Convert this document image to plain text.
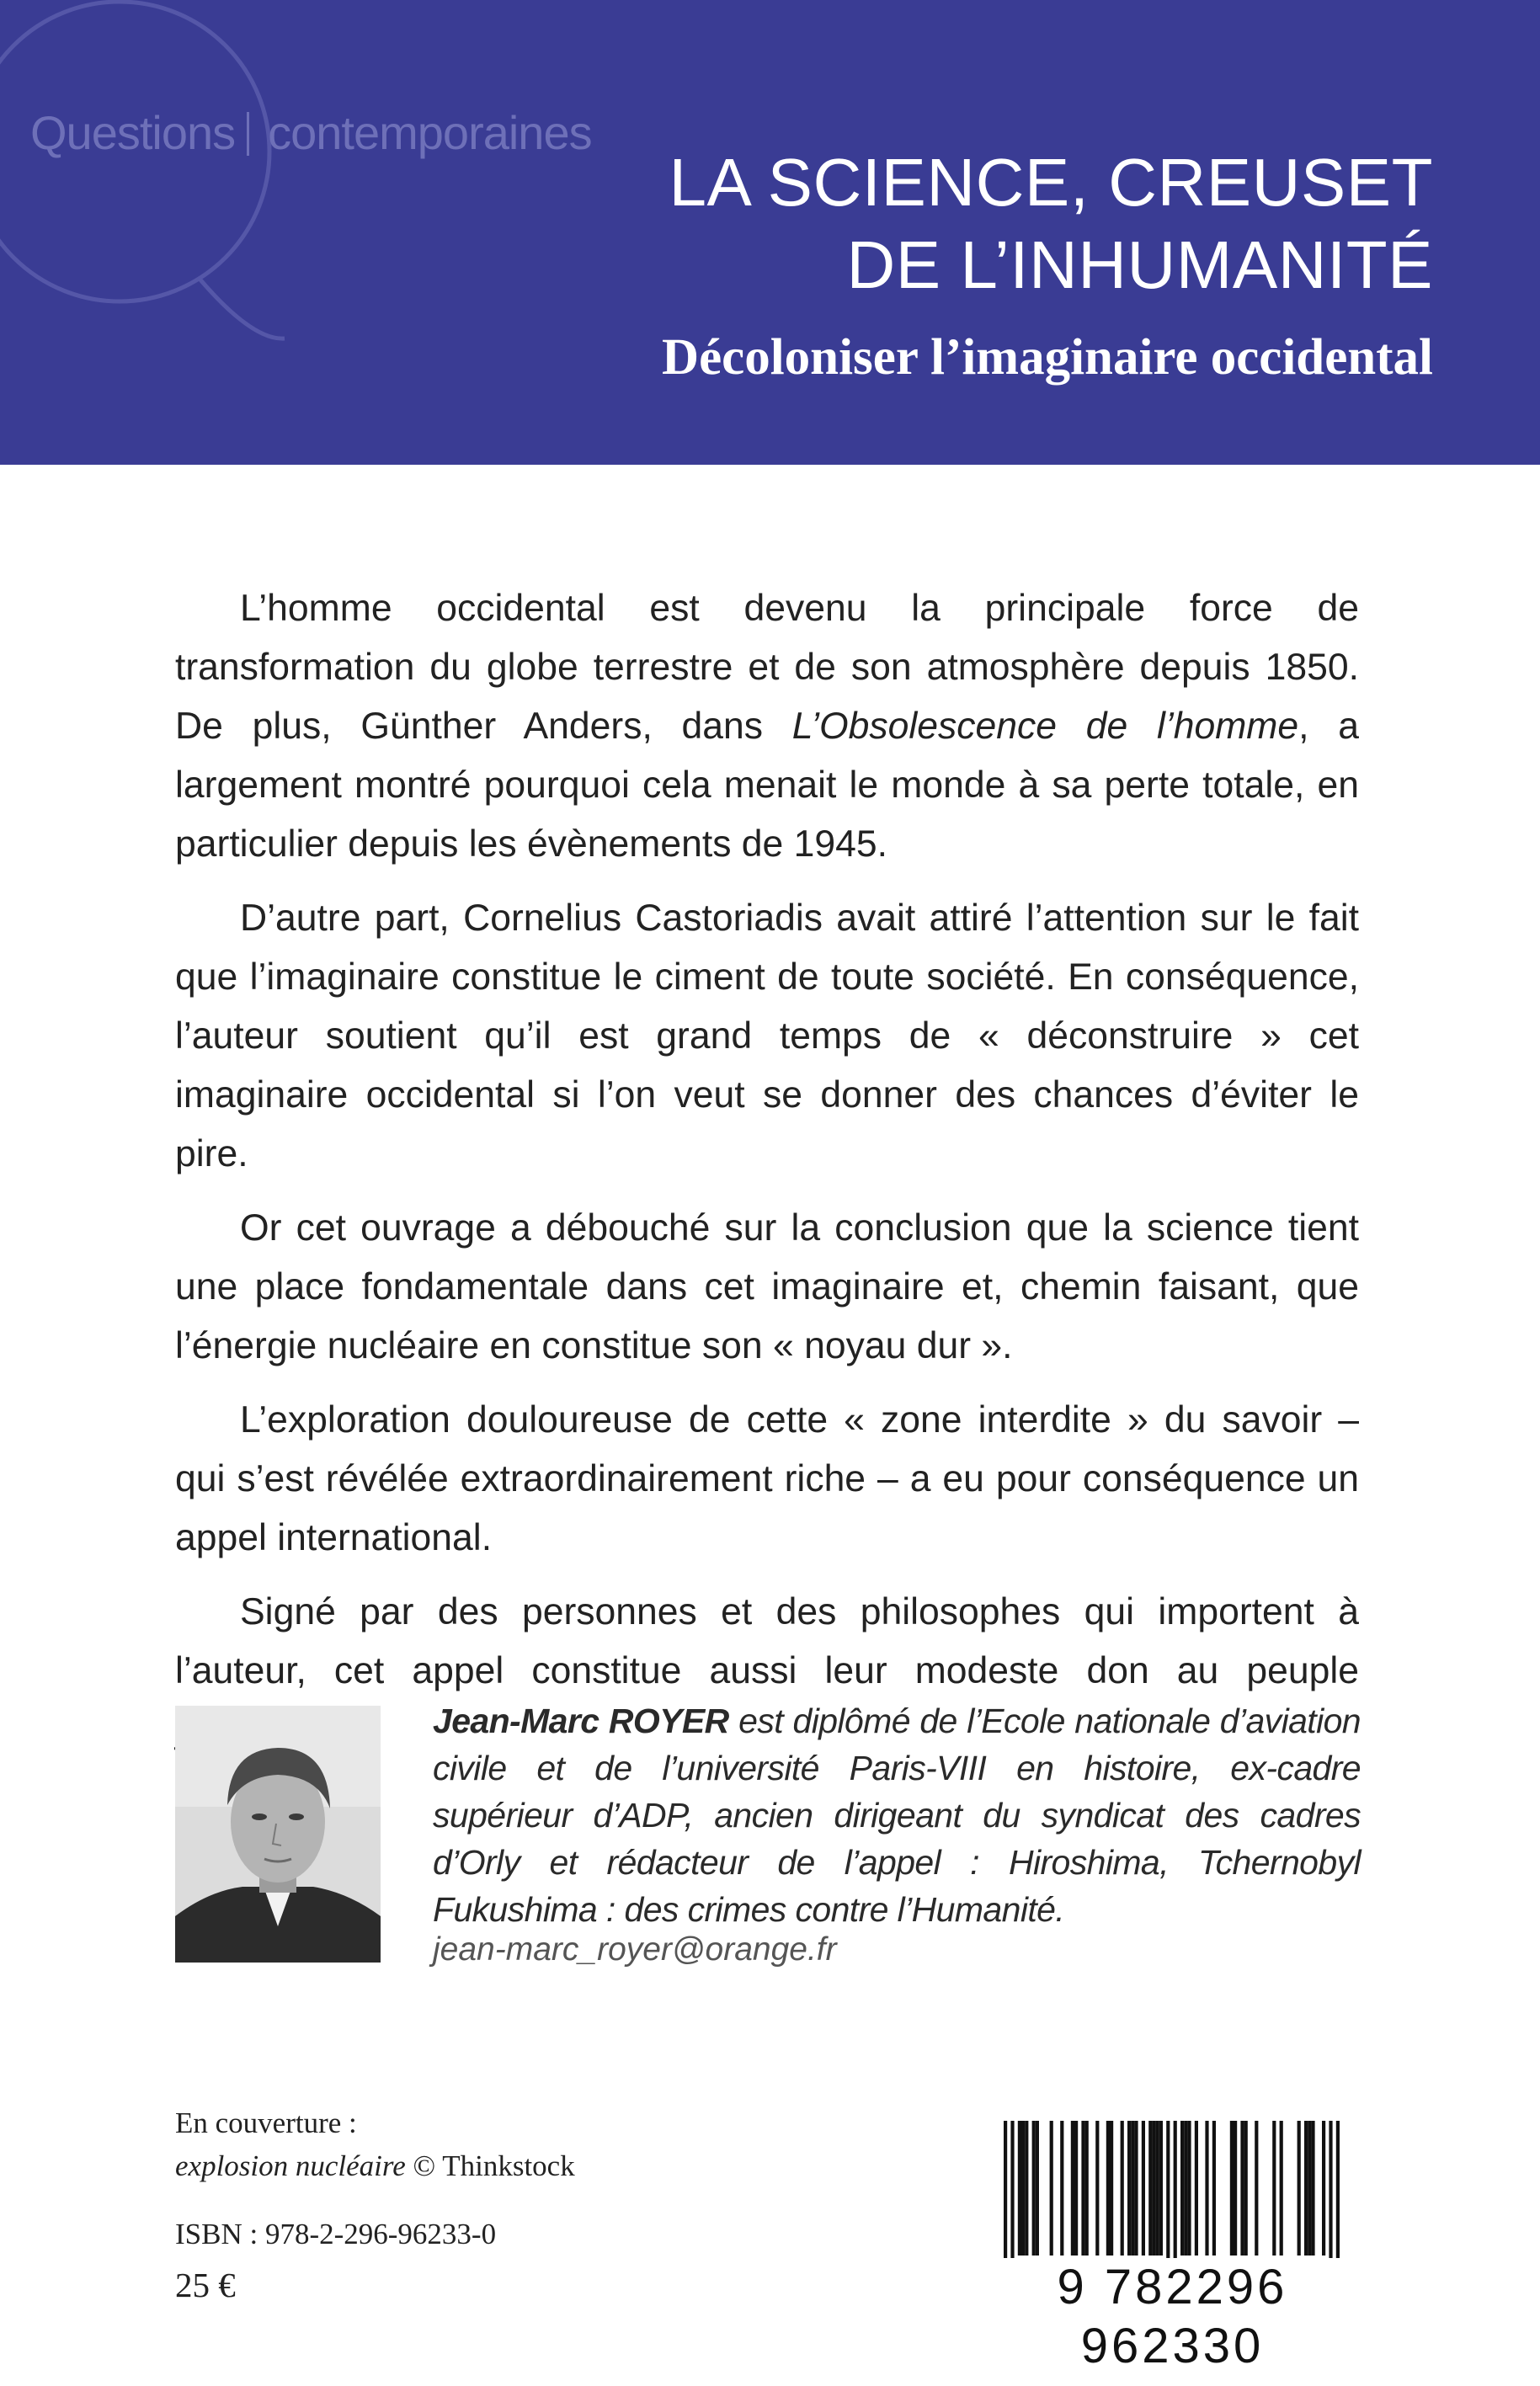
Questions contemporaines
LA SCIENCE, CREUSET
DE L’INHUMANITÉ
Décoloniser l’imaginaire occidental

L’homme occidental est devenu la principale force de transformation du globe terrestre et de son atmosphère depuis 1850. De plus, Günther Anders, dans L’Obsolescence de l’homme, a largement montré pourquoi cela menait le monde à sa perte totale, en particulier depuis les évènements de 1945.

D’autre part, Cornelius Castoriadis avait attiré l’attention sur le fait que l’imaginaire constitue le ciment de toute société. En conséquence, l’auteur soutient qu’il est grand temps de « déconstruire » cet imaginaire occidental si l’on veut se donner des chances d’éviter le pire.

Or cet ouvrage a débouché sur la conclusion que la science tient une place fondamentale dans cet imaginaire et, chemin faisant, que l’énergie nucléaire en constitue son « noyau dur ».

L’exploration douloureuse de cette « zone interdite » du savoir – qui s’est révélée extraordinairement riche – a eu pour conséquence un appel international.

Signé par des personnes et des philosophes qui importent à l’auteur, cet appel constitue aussi leur modeste don au peuple

Jean-Marc ROYER est diplômé de l’Ecole nationale d’aviation civile et de l’université Paris-VIII en histoire, ex-cadre supérieur d’ADP, ancien dirigeant du syndicat des cadres d’Orly et rédacteur de l’appel : Hiroshima, Tchernobyl Fukushima : des crimes contre l’Humanité.
jean-marc_royer@orange.fr
En couverture :
explosion nucléaire © Thinkstock
ISBN : 978-2-296-96233-0
25 €	9 782296 962330
